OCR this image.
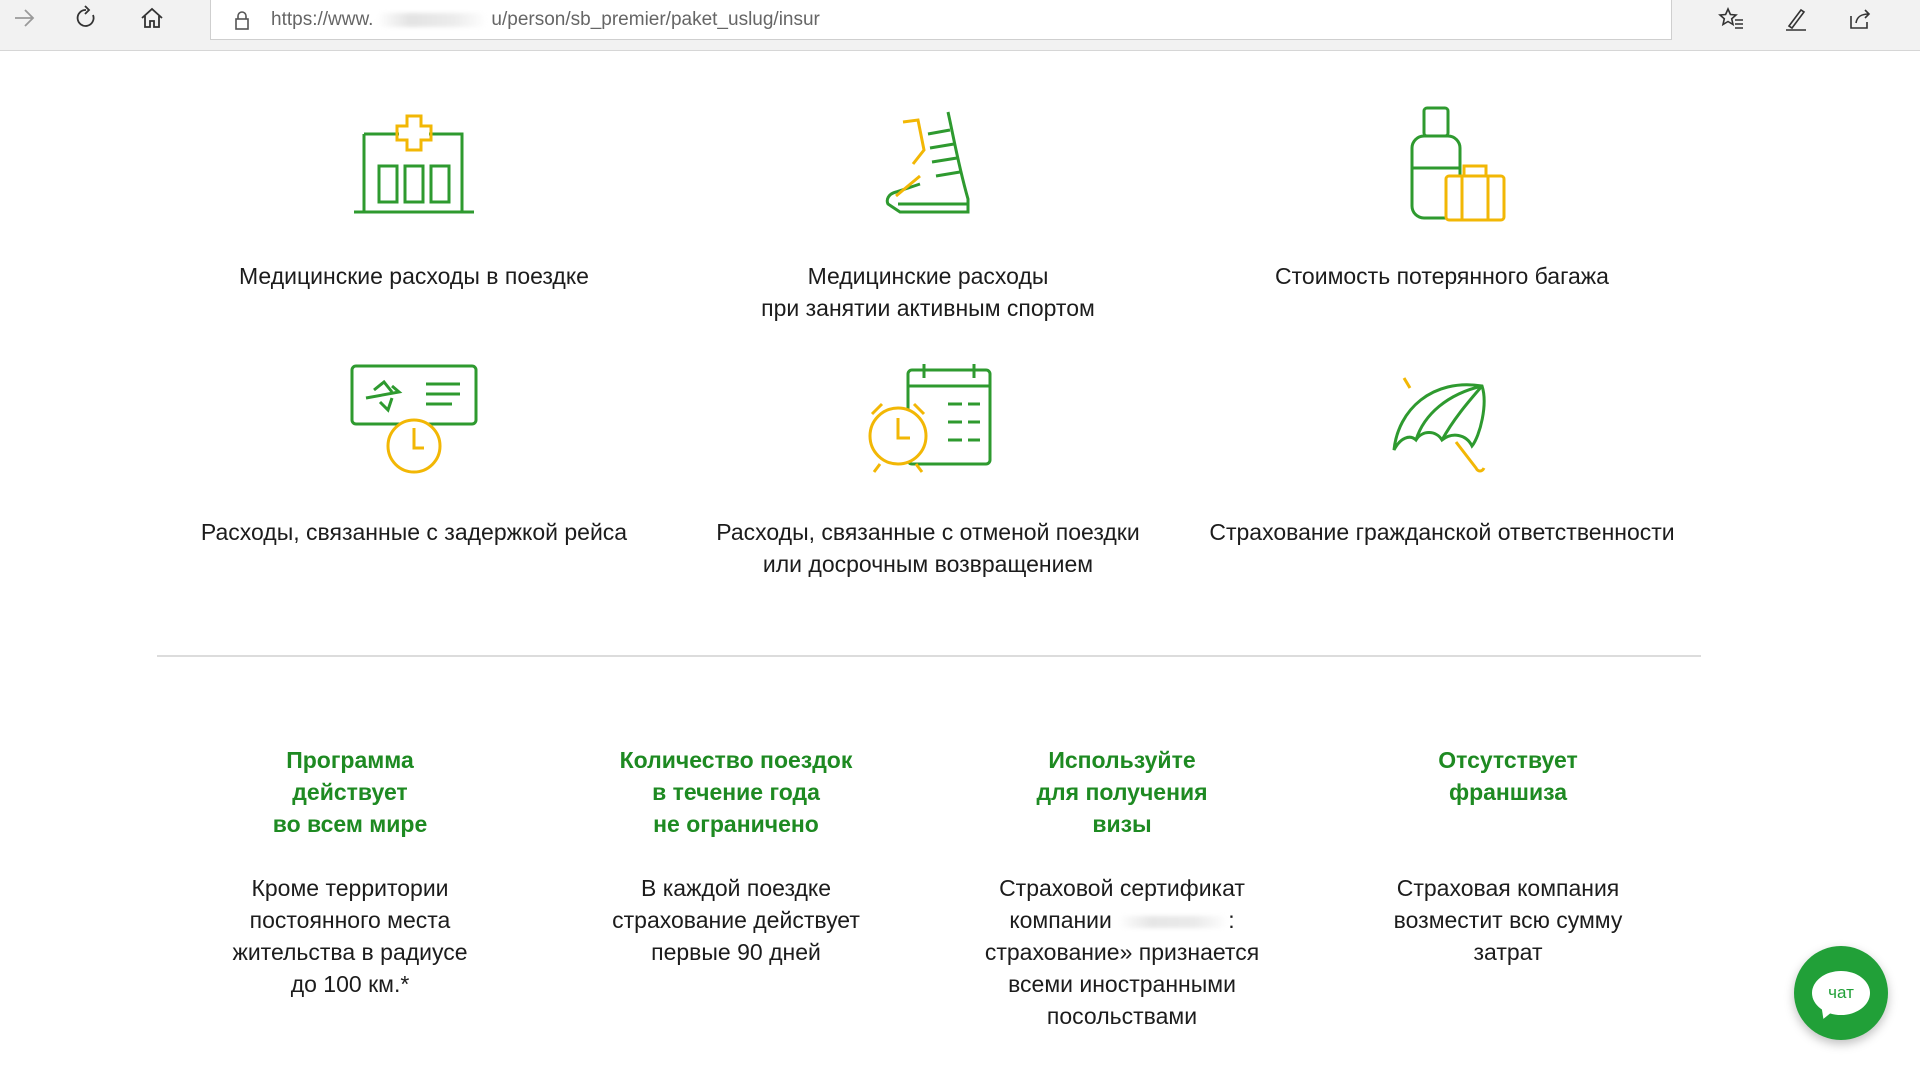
https://www.	u/person/sb_premier/paket_uslug/insur
Медицинские расходы в поездке	Медицинские расходы
при занятии активным спортом
Стоимость потерянного багажа
Расходы, связанные с задержкой рейса	Расходы, связанные с отменой поездки
или досрочным возвращением
Страхование гражданской ответственности
Программа
действует
во всем мире
Кроме территории
постоянного места
жительства в радиусе
до 100 км.*
Количество поездок
в течение года
не ограничено
В каждой поездке
страхование действует
первые 90 дней
Используйте
для получения
визы
Страховой сертификат
компании	:
страхование» признается
всеми иностранными
посольствами
Отсутствует
франшиза
Страховая компания
возместит всю сумму
затрат
чат
